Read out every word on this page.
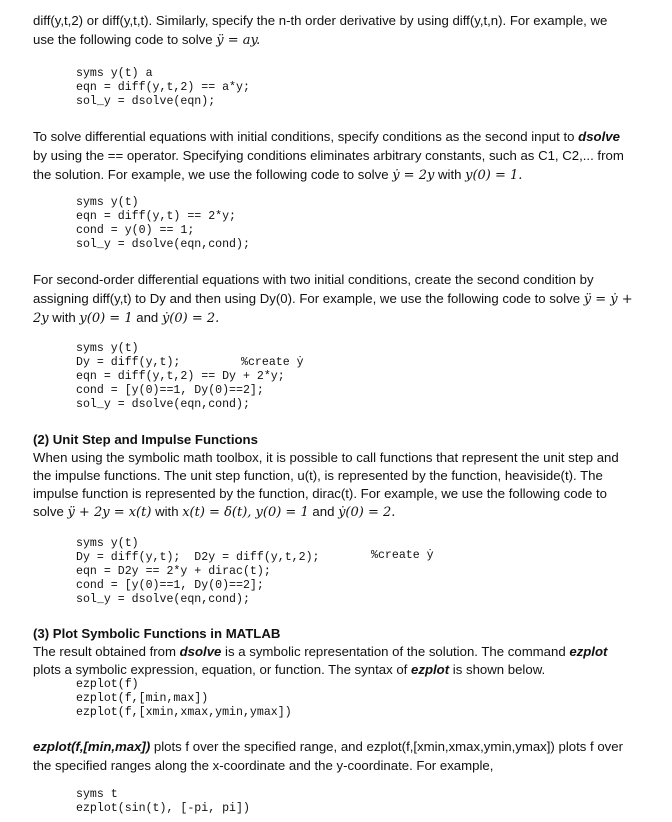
diff(y,t,2) or diff(y,t,t). Similarly, specify the n-th order derivative by using diff(y,t,n). For example, we

use the following code to solve ÿ = ay.

syms y(t) a
eqn = diff(y,t,2) == a*y;
sol_y = dsolve(eqn);

To solve differential equations with initial conditions, specify conditions as the second input to dsolve

by using the == operator. Specifying conditions eliminates arbitrary constants, such as C1, C2,... from

the solution. For example, we use the following code to solve ẏ = 2y with y(0) = 1.

syms y(t)
eqn = diff(y,t) == 2*y;
cond = y(0) == 1;
sol_y = dsolve(eqn,cond);

For second-order differential equations with two initial conditions, create the second condition by

assigning diff(y,t) to Dy and then using Dy(0). For example, we use the following code to solve ÿ = ẏ +

2y with y(0) = 1 and ẏ(0) = 2.

syms y(t)
Dy = diff(y,t);
eqn = diff(y,t,2) == Dy + 2*y;
cond = [y(0)==1, Dy(0)==2];
sol_y = dsolve(eqn,cond);
%create ẏ

(2) Unit Step and Impulse Functions

When using the symbolic math toolbox, it is possible to call functions that represent the unit step and

the impulse functions. The unit step function, u(t), is represented by the function, heaviside(t). The

impulse function is represented by the function, dirac(t). For example, we use the following code to

solve ÿ + 2y = x(t) with x(t) = δ(t), y(0) = 1 and ẏ(0) = 2.

syms y(t)
Dy = diff(y,t);  D2y = diff(y,t,2);
eqn = D2y == 2*y + dirac(t);
cond = [y(0)==1, Dy(0)==2];
sol_y = dsolve(eqn,cond);
%create ẏ

(3) Plot Symbolic Functions in MATLAB

The result obtained from dsolve is a symbolic representation of the solution. The command ezplot

plots a symbolic expression, equation, or function. The syntax of ezplot is shown below.

ezplot(f)
ezplot(f,[min,max])
ezplot(f,[xmin,xmax,ymin,ymax])

ezplot(f,[min,max]) plots f over the specified range, and ezplot(f,[xmin,xmax,ymin,ymax]) plots f over

the specified ranges along the x-coordinate and the y-coordinate. For example,

syms t
ezplot(sin(t), [-pi, pi])
